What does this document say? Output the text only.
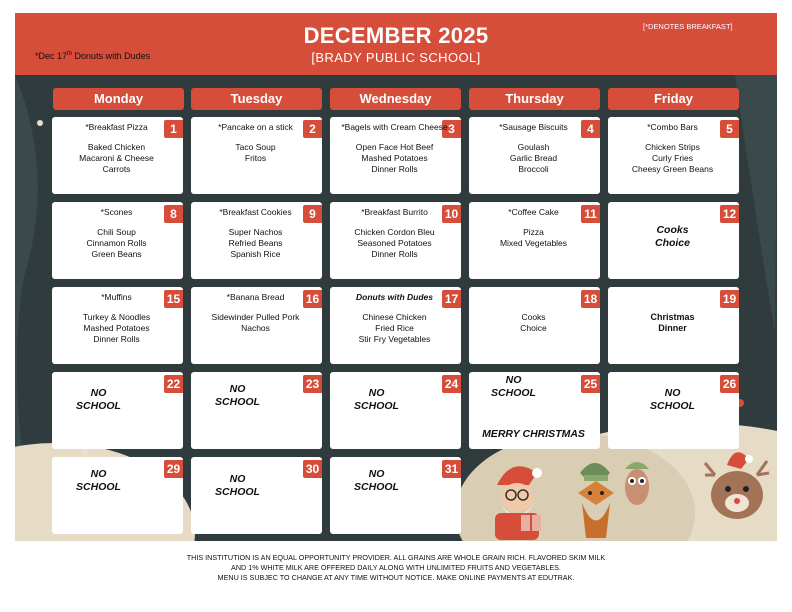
DECEMBER 2025
[BRADY PUBLIC SCHOOL]
*Dec 17th Donuts with Dudes
[*DENOTES BREAKFAST]
Monday	Tuesday	Wednesday	Thursday	Friday
1
*Breakfast Pizza
Baked Chicken
Macaroni & Cheese
Carrots
2
*Pancake on a stick
Taco Soup
Fritos
3
*Bagels with Cream Cheese
Open Face Hot Beef
Mashed Potatoes
Dinner Rolls
4
*Sausage Biscuits
Goulash
Garlic Bread
Broccoli
5
*Combo Bars
Chicken Strips
Curly Fries
Cheesy Green Beans
8
*Scones
Chili Soup
Cinnamon Rolls
Green Beans
9
*Breakfast Cookies
Super Nachos
Refried Beans
Spanish Rice
10
*Breakfast Burrito
Chicken Cordon Bleu
Seasoned Potatoes
Dinner Rolls
11
*Coffee Cake
Pizza
Mixed Vegetables
12
Cooks
Choice
15
*Muffins
Turkey & Noodles
Mashed Potatoes
Dinner Rolls
16
*Banana Bread
Sidewinder Pulled Pork
Nachos
17
Donuts with Dudes
Chinese Chicken
Fried Rice
Stir Fry Vegetables
18
Cooks
Choice
19
Christmas
Dinner
22
NO
SCHOOL
23
NO
SCHOOL
24
NO
SCHOOL
25
NO
SCHOOL
MERRY CHRISTMAS
26
NO
SCHOOL
29
NO
SCHOOL
30
NO
SCHOOL
31
NO
SCHOOL
THIS INSTITUTION IS AN EQUAL OPPORTUNITY PROVIDER. ALL GRAINS ARE WHOLE GRAIN RICH. FLAVORED SKIM MILK
AND 1% WHITE MILK ARE OFFERED DAILY ALONG WITH UNLIMITED FRUITS AND VEGETABLES.
MENU IS SUBJEC TO CHANGE AT ANY TIME WITHOUT NOTICE. MAKE ONLINE PAYMENTS AT EDUTRAK.
